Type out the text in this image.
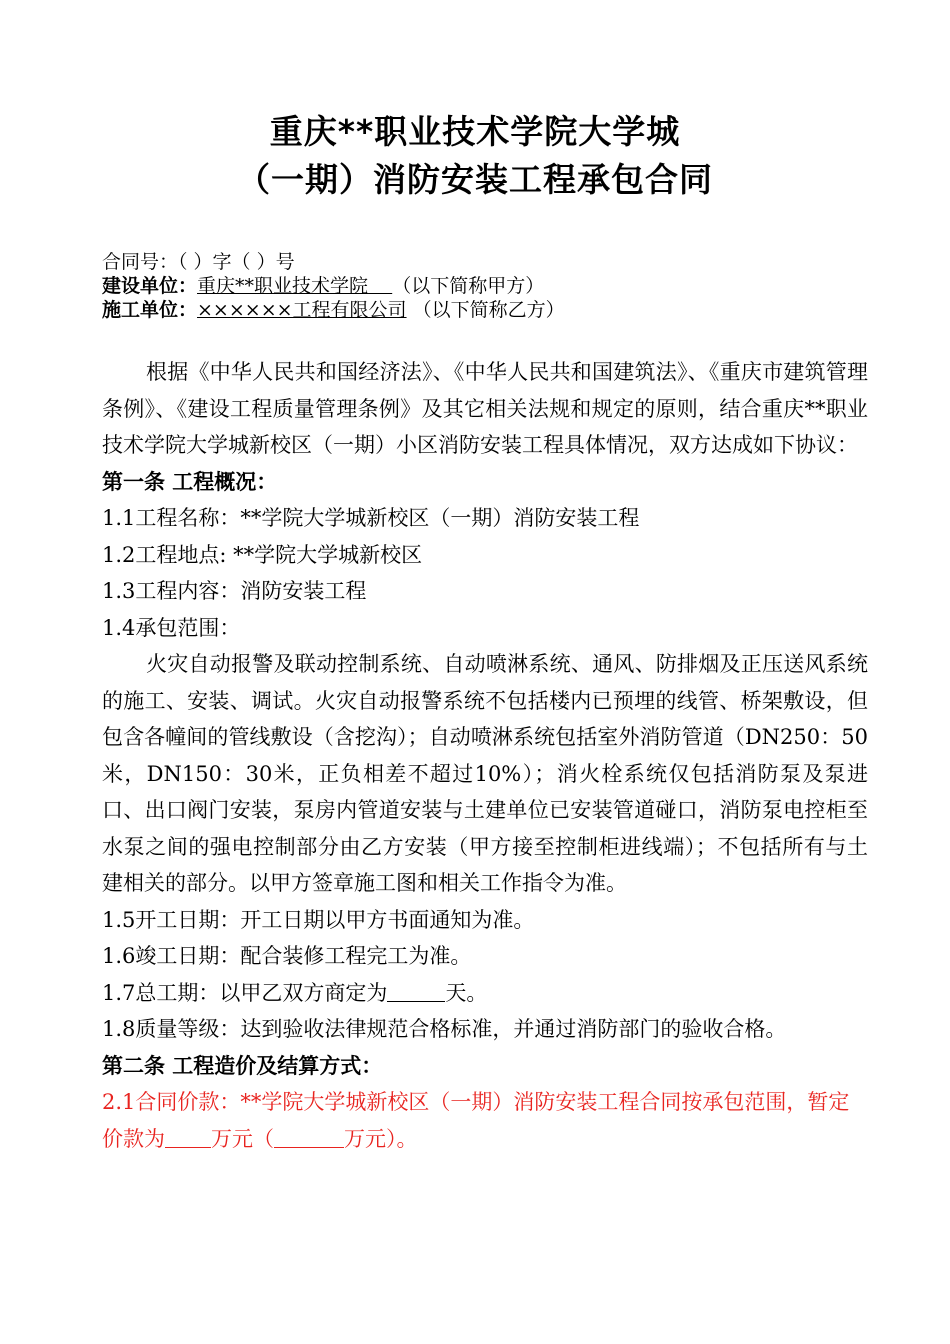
重庆**职业技术学院大学城
（一期）消防安装工程承包合同
合同号：（ ）字（ ）号
建设单位：重庆**职业技术学院 （以下简称甲方）
施工单位：××××××工程有限公司 （以下简称乙方）

根据《中华人民共和国经济法》、《中华人民共和国建筑法》、《重庆市建筑管理条例》、《建设工程质量管理条例》及其它相关法规和规定的原则，结合重庆**职业技术学院大学城新校区（一期）小区消防安装工程具体情况，双方达成如下协议：

第一条 工程概况：

1.1工程名称：**学院大学城新校区（一期）消防安装工程

1.2工程地点: **学院大学城新校区

1.3工程内容：消防安装工程

1.4承包范围：

火灾自动报警及联动控制系统、自动喷淋系统、通风、防排烟及正压送风系统的施工、安装、调试。火灾自动报警系统不包括楼内已预埋的线管、桥架敷设，但包含各幢间的管线敷设（含挖沟）；自动喷淋系统包括室外消防管道（DN250：50米，DN150：30米，正负相差不超过10%）；消火栓系统仅包括消防泵及泵进口、出口阀门安装，泵房内管道安装与土建单位已安装管道碰口，消防泵电控柜至水泵之间的强电控制部分由乙方安装（甲方接至控制柜进线端）；不包括所有与土建相关的部分。以甲方签章施工图和相关工作指令为准。

1.5开工日期：开工日期以甲方书面通知为准。

1.6竣工日期：配合装修工程完工为准。

1.7总工期：以甲乙双方商定为	天。

1.8质量等级：达到验收法律规范合格标准，并通过消防部门的验收合格。

第二条 工程造价及结算方式：

2.1合同价款：**学院大学城新校区（一期）消防安装工程合同按承包范围，暂定价款为 万元（	万元）。
